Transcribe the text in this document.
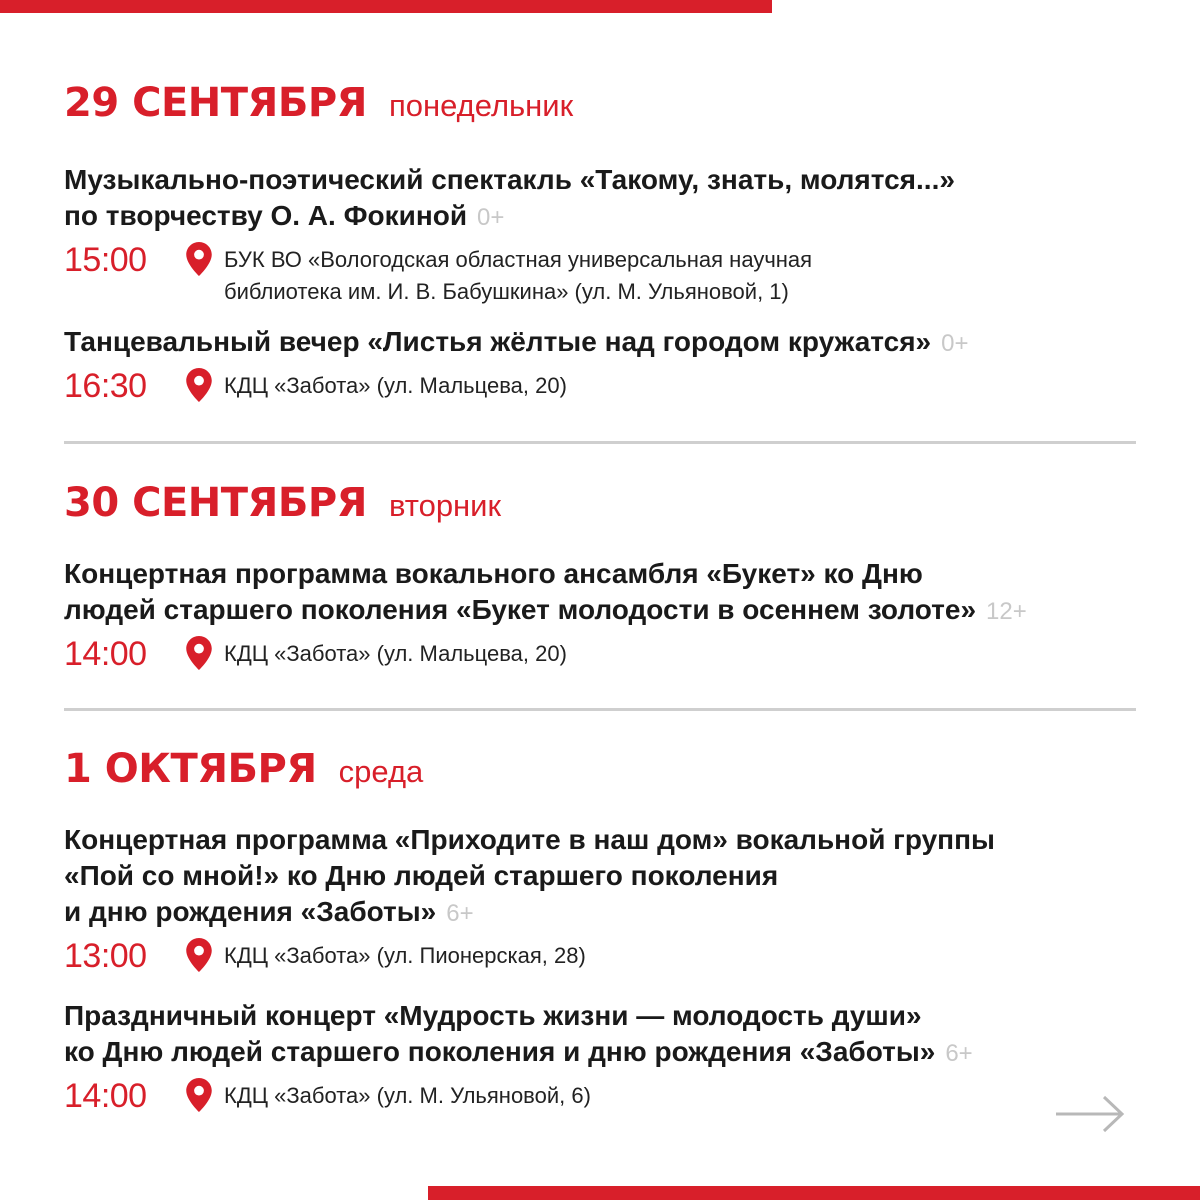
29 СЕНТЯБРЯ понедельник
Музыкально-поэтический спектакль «Такому, знать, молятся...»
по творчеству О. А. Фокиной 0+
15:00	БУК ВО «Вологодская областная универсальная научная
библиотека им. И. В. Бабушкина» (ул. М. Ульяновой, 1)
Танцевальный вечер «Листья жёлтые над городом кружатся» 0+
16:30	КДЦ «Забота» (ул. Мальцева, 20)
30 СЕНТЯБРЯ вторник
Концертная программа вокального ансамбля «Букет» ко Дню
людей старшего поколения «Букет молодости в осеннем золоте» 12+
14:00	КДЦ «Забота» (ул. Мальцева, 20)
1 ОКТЯБРЯ среда
Концертная программа «Приходите в наш дом» вокальной группы
«Пой со мной!» ко Дню людей старшего поколения
и дню рождения «Заботы» 6+
13:00	КДЦ «Забота» (ул. Пионерская, 28)
Праздничный концерт «Мудрость жизни — молодость души»
ко Дню людей старшего поколения и дню рождения «Заботы» 6+
14:00	КДЦ «Забота» (ул. М. Ульяновой, 6)
